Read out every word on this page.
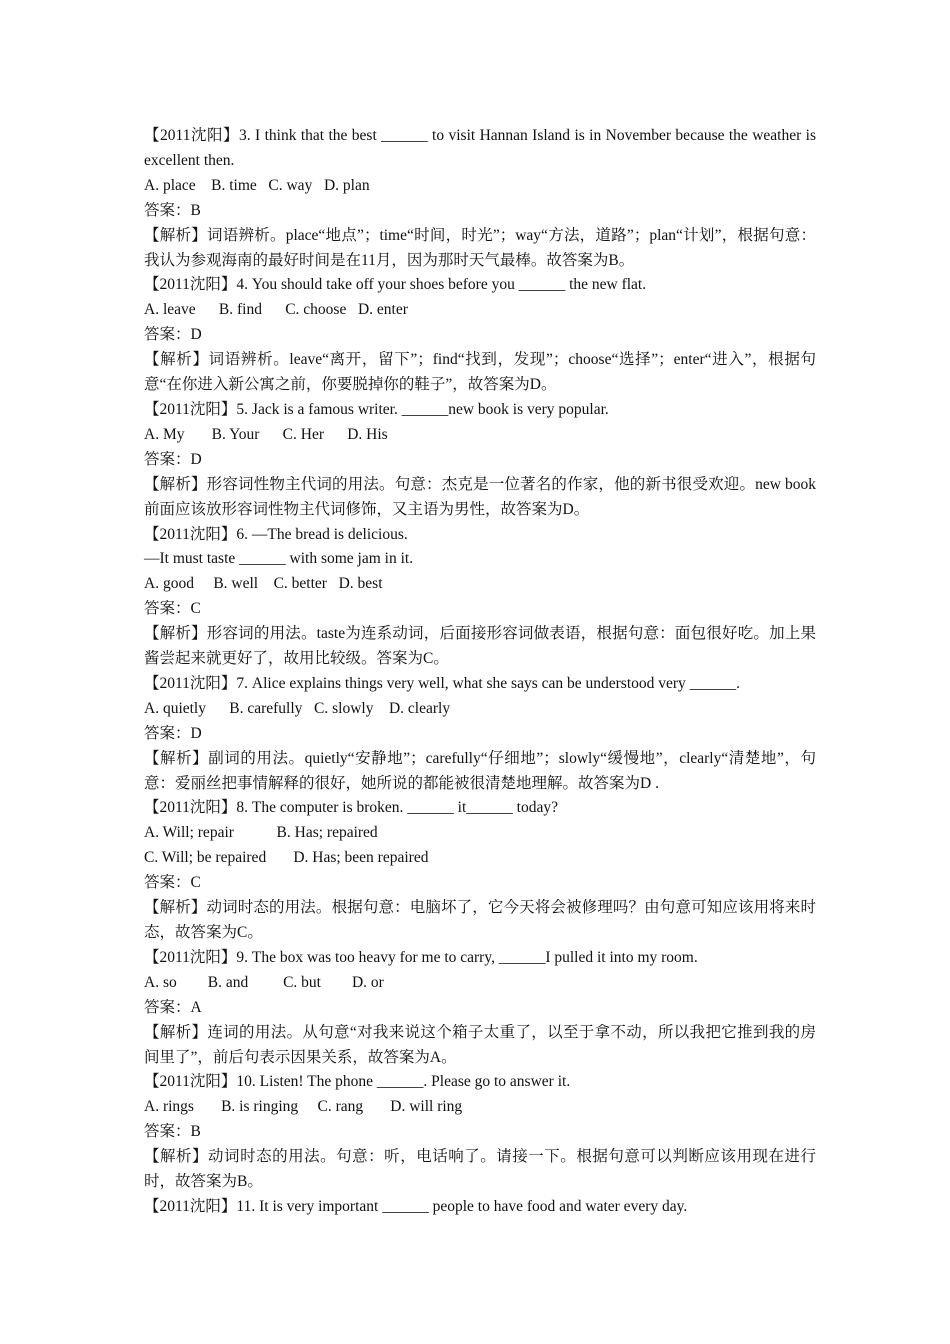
【2011沈阳】3. I think that the best ______ to visit Hannan Island is in November because the weather is excellent then.
A. place    B. time   C. way   D. plan
答案：B
【解析】词语辨析。place“地点”；time“时间，时光”；way“方法，道路”；plan“计划”，根据句意：我认为参观海南的最好时间是在11月，因为那时天气最棒。故答案为B。
【2011沈阳】4. You should take off your shoes before you ______ the new flat.
A. leave      B. find      C. choose   D. enter
答案：D
【解析】词语辨析。leave“离开，留下”；find“找到，发现”；choose“选择”；enter“进入”，根据句意“在你进入新公寓之前，你要脱掉你的鞋子”，故答案为D。
【2011沈阳】5. Jack is a famous writer. ______new book is very popular.
A. My       B. Your      C. Her      D. His
答案：D
【解析】形容词性物主代词的用法。句意：杰克是一位著名的作家，他的新书很受欢迎。new book前面应该放形容词性物主代词修饰，又主语为男性，故答案为D。
【2011沈阳】6. —The bread is delicious.
—It must taste ______ with some jam in it.
A. good     B. well    C. better   D. best
答案：C
【解析】形容词的用法。taste为连系动词，后面接形容词做表语，根据句意：面包很好吃。加上果酱尝起来就更好了，故用比较级。答案为C。
【2011沈阳】7. Alice explains things very well, what she says can be understood very ______.
A. quietly      B. carefully   C. slowly    D. clearly
答案：D
【解析】副词的用法。quietly“安静地”；carefully“仔细地”；slowly“缓慢地”，clearly“清楚地”，句意：爱丽丝把事情解释的很好，她所说的都能被很清楚地理解。故答案为D .
【2011沈阳】8. The computer is broken. ______ it______ today?
A. Will; repair           B. Has; repaired
C. Will; be repaired       D. Has; been repaired
答案：C
【解析】动词时态的用法。根据句意：电脑坏了，它今天将会被修理吗？由句意可知应该用将来时态，故答案为C。
【2011沈阳】9. The box was too heavy for me to carry, ______I pulled it into my room.
A. so        B. and         C. but        D. or
答案：A
【解析】连词的用法。从句意“对我来说这个箱子太重了，以至于拿不动，所以我把它推到我的房间里了”，前后句表示因果关系，故答案为A。
【2011沈阳】10. Listen! The phone ______. Please go to answer it.
A. rings       B. is ringing     C. rang       D. will ring
答案：B
【解析】动词时态的用法。句意：听，电话响了。请接一下。根据句意可以判断应该用现在进行时，故答案为B。
【2011沈阳】11. It is very important ______ people to have food and water every day.
